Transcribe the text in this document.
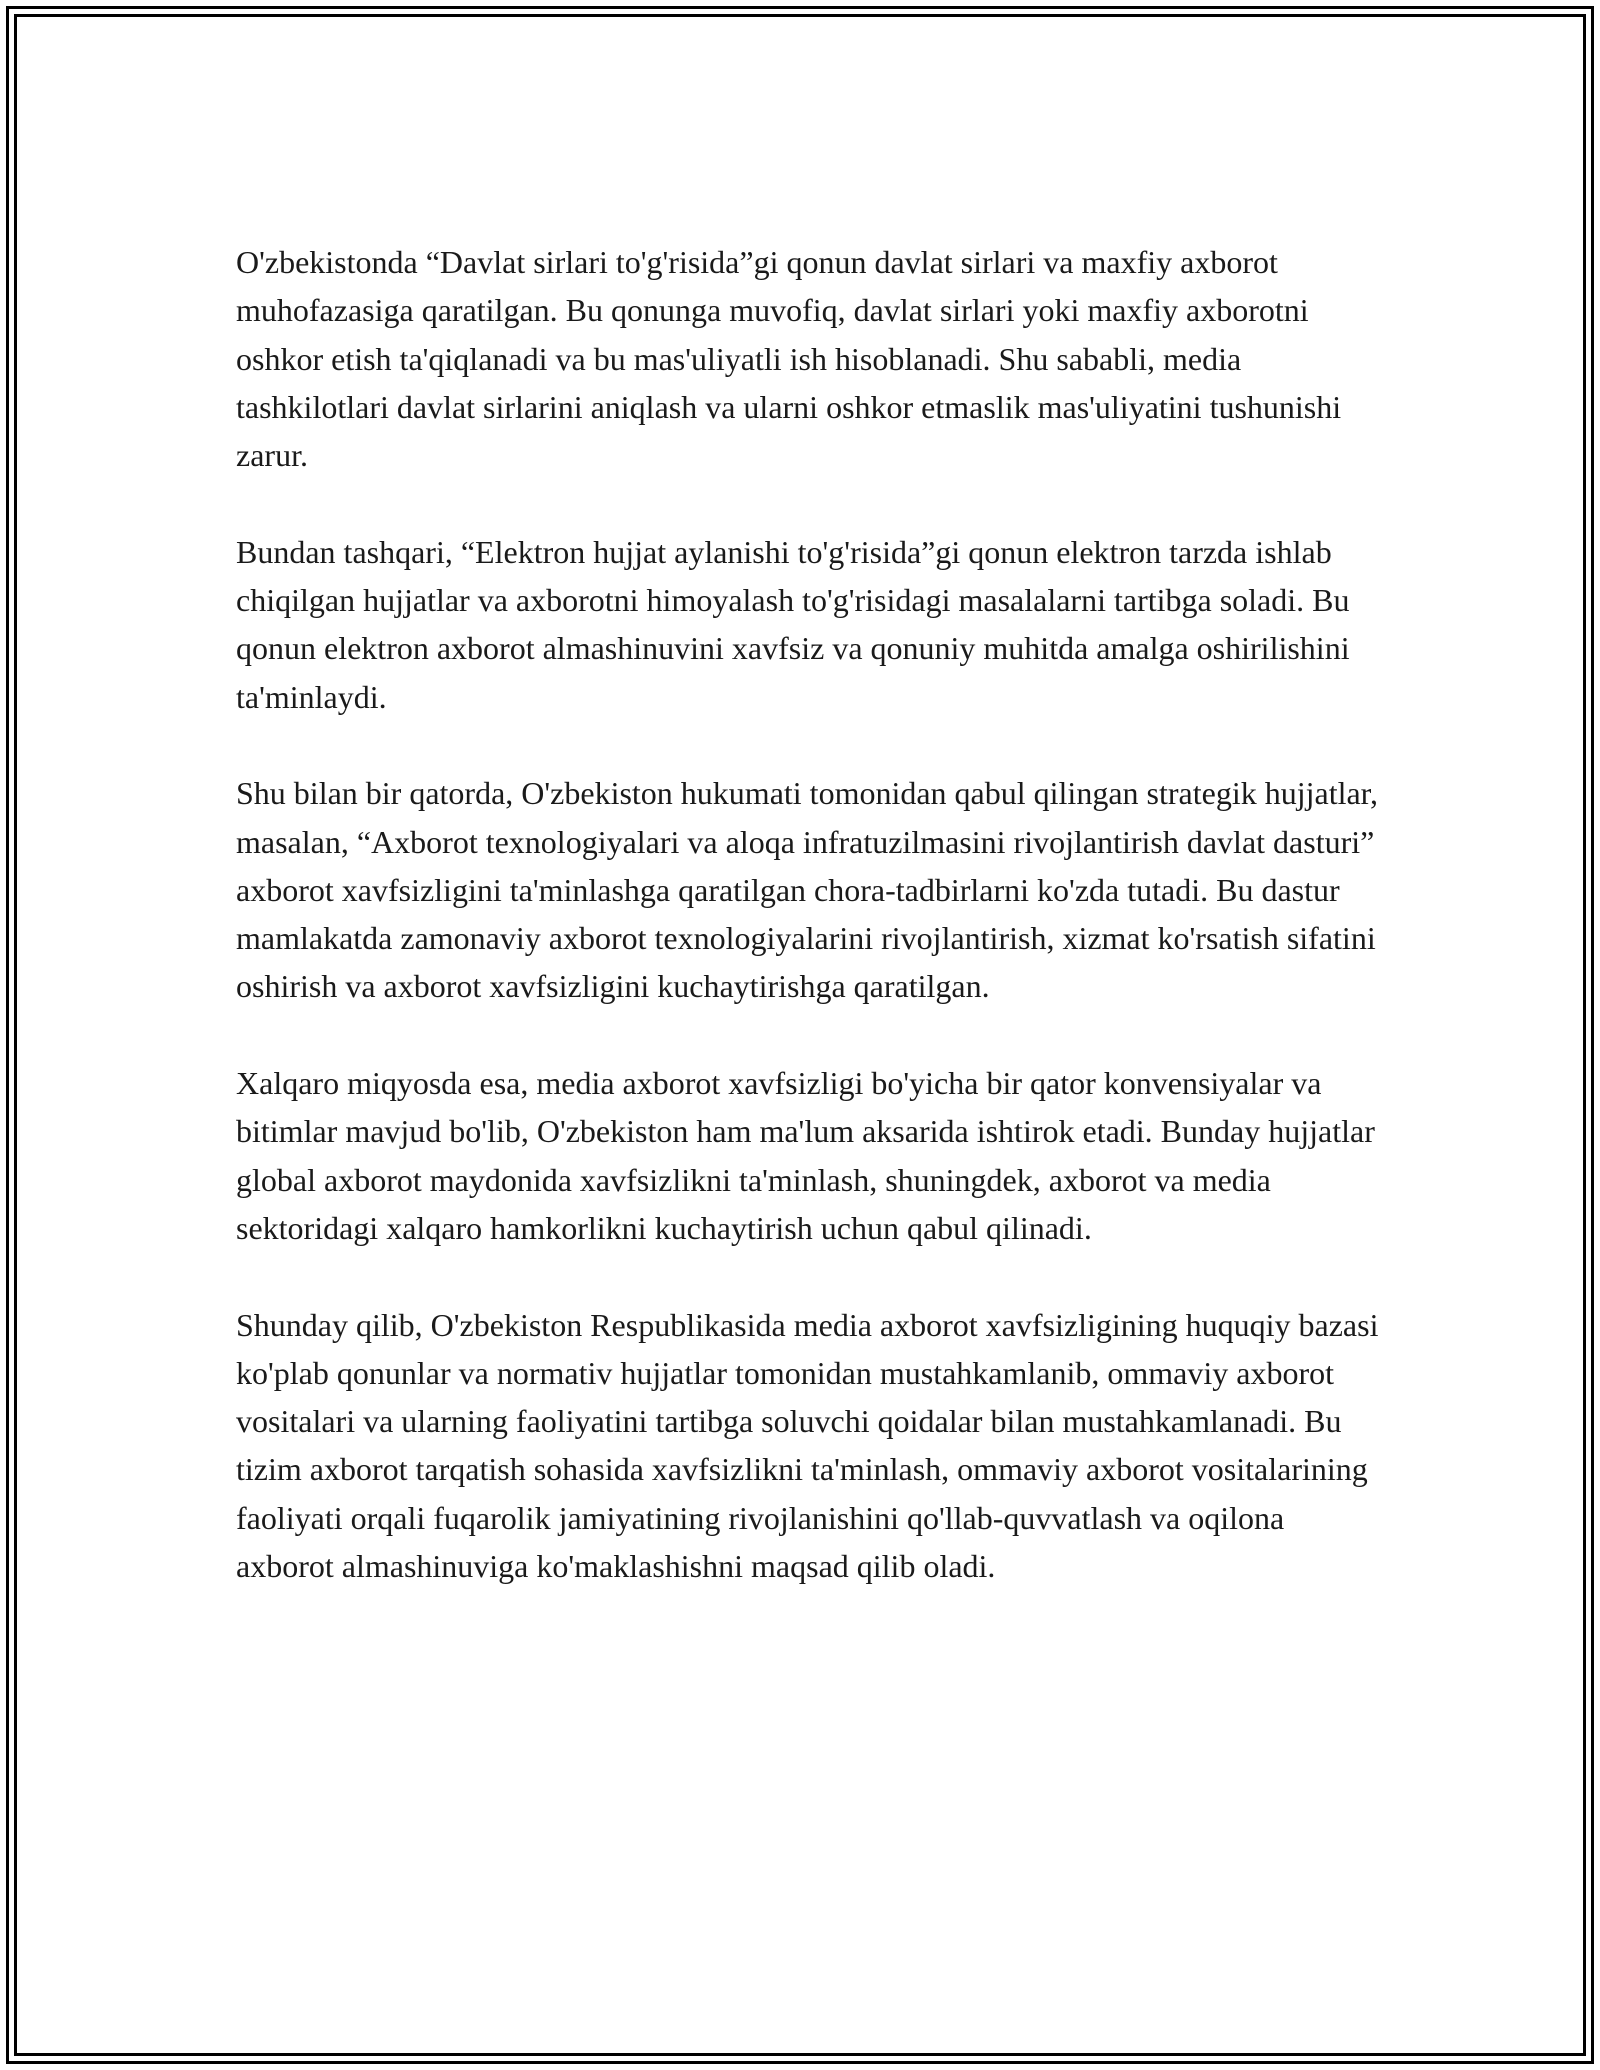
O'zbekistonda “Davlat sirlari to'g'risida”gi qonun davlat sirlari va maxfiy axborot muhofazasiga qaratilgan. Bu qonunga muvofiq, davlat sirlari yoki maxfiy axborotni oshkor etish ta'qiqlanadi va bu mas'uliyatli ish hisoblanadi. Shu sababli, media tashkilotlari davlat sirlarini aniqlash va ularni oshkor etmaslik mas'uliyatini tushunishi zarur.

Bundan tashqari, “Elektron hujjat aylanishi to'g'risida”gi qonun elektron tarzda ishlab chiqilgan hujjatlar va axborotni himoyalash to'g'risidagi masalalarni tartibga soladi. Bu qonun elektron axborot almashinuvini xavfsiz va qonuniy muhitda amalga oshirilishini ta'minlaydi.

Shu bilan bir qatorda, O'zbekiston hukumati tomonidan qabul qilingan strategik hujjatlar, masalan, “Axborot texnologiyalari va aloqa infratuzilmasini rivojlantirish davlat dasturi” axborot xavfsizligini ta'minlashga qaratilgan chora-tadbirlarni ko'zda tutadi. Bu dastur mamlakatda zamonaviy axborot texnologiyalarini rivojlantirish, xizmat ko'rsatish sifatini oshirish va axborot xavfsizligini kuchaytirishga qaratilgan.

Xalqaro miqyosda esa, media axborot xavfsizligi bo'yicha bir qator konvensiyalar va bitimlar mavjud bo'lib, O'zbekiston ham ma'lum aksarida ishtirok etadi. Bunday hujjatlar global axborot maydonida xavfsizlikni ta'minlash, shuningdek, axborot va media sektoridagi xalqaro hamkorlikni kuchaytirish uchun qabul qilinadi.

Shunday qilib, O'zbekiston Respublikasida media axborot xavfsizligining huquqiy bazasi ko'plab qonunlar va normativ hujjatlar tomonidan mustahkamlanib, ommaviy axborot vositalari va ularning faoliyatini tartibga soluvchi qoidalar bilan mustahkamlanadi. Bu tizim axborot tarqatish sohasida xavfsizlikni ta'minlash, ommaviy axborot vositalarining faoliyati orqali fuqarolik jamiyatining rivojlanishini qo'llab-quvvatlash va oqilona axborot almashinuviga ko'maklashishni maqsad qilib oladi.
